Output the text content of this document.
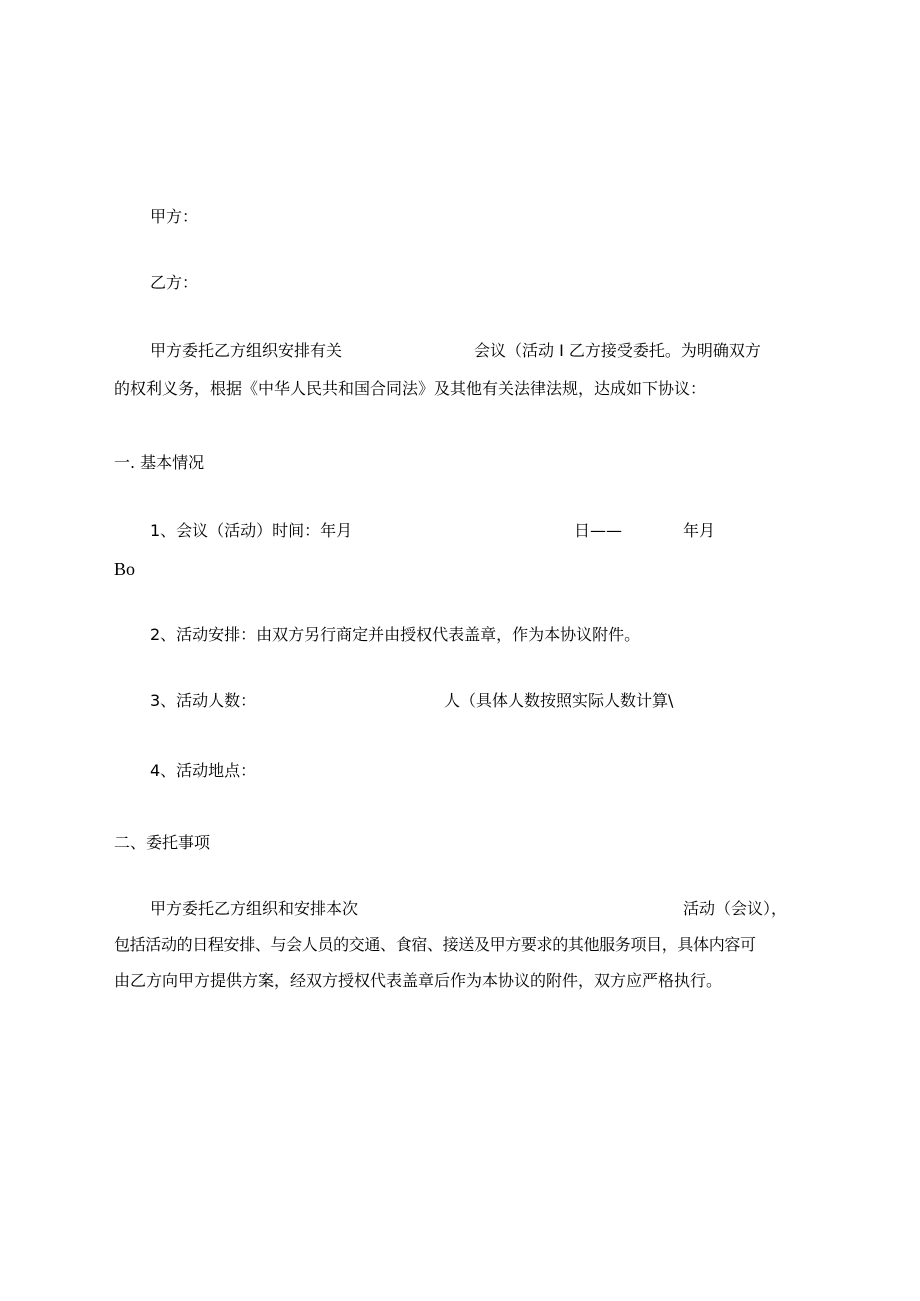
甲方：
乙方：
甲方委托乙方组织安排有关	会议（活动 I 乙方接受委托。为明确双方
的权利义务，根据《中华人民共和国合同法》及其他有关法律法规，达成如下协议：
一. 基本情况
1、会议（活动）时间：年月	日——	年月
Bo
2、活动安排：由双方另行商定并由授权代表盖章，作为本协议附件。
3、活动人数：	人（具体人数按照实际人数计算\
4、活动地点：
二、委托事项
甲方委托乙方组织和安排本次	活动（会议），
包括活动的日程安排、与会人员的交通、食宿、接送及甲方要求的其他服务项目，具体内容可
由乙方向甲方提供方案，经双方授权代表盖章后作为本协议的附件，双方应严格执行。
